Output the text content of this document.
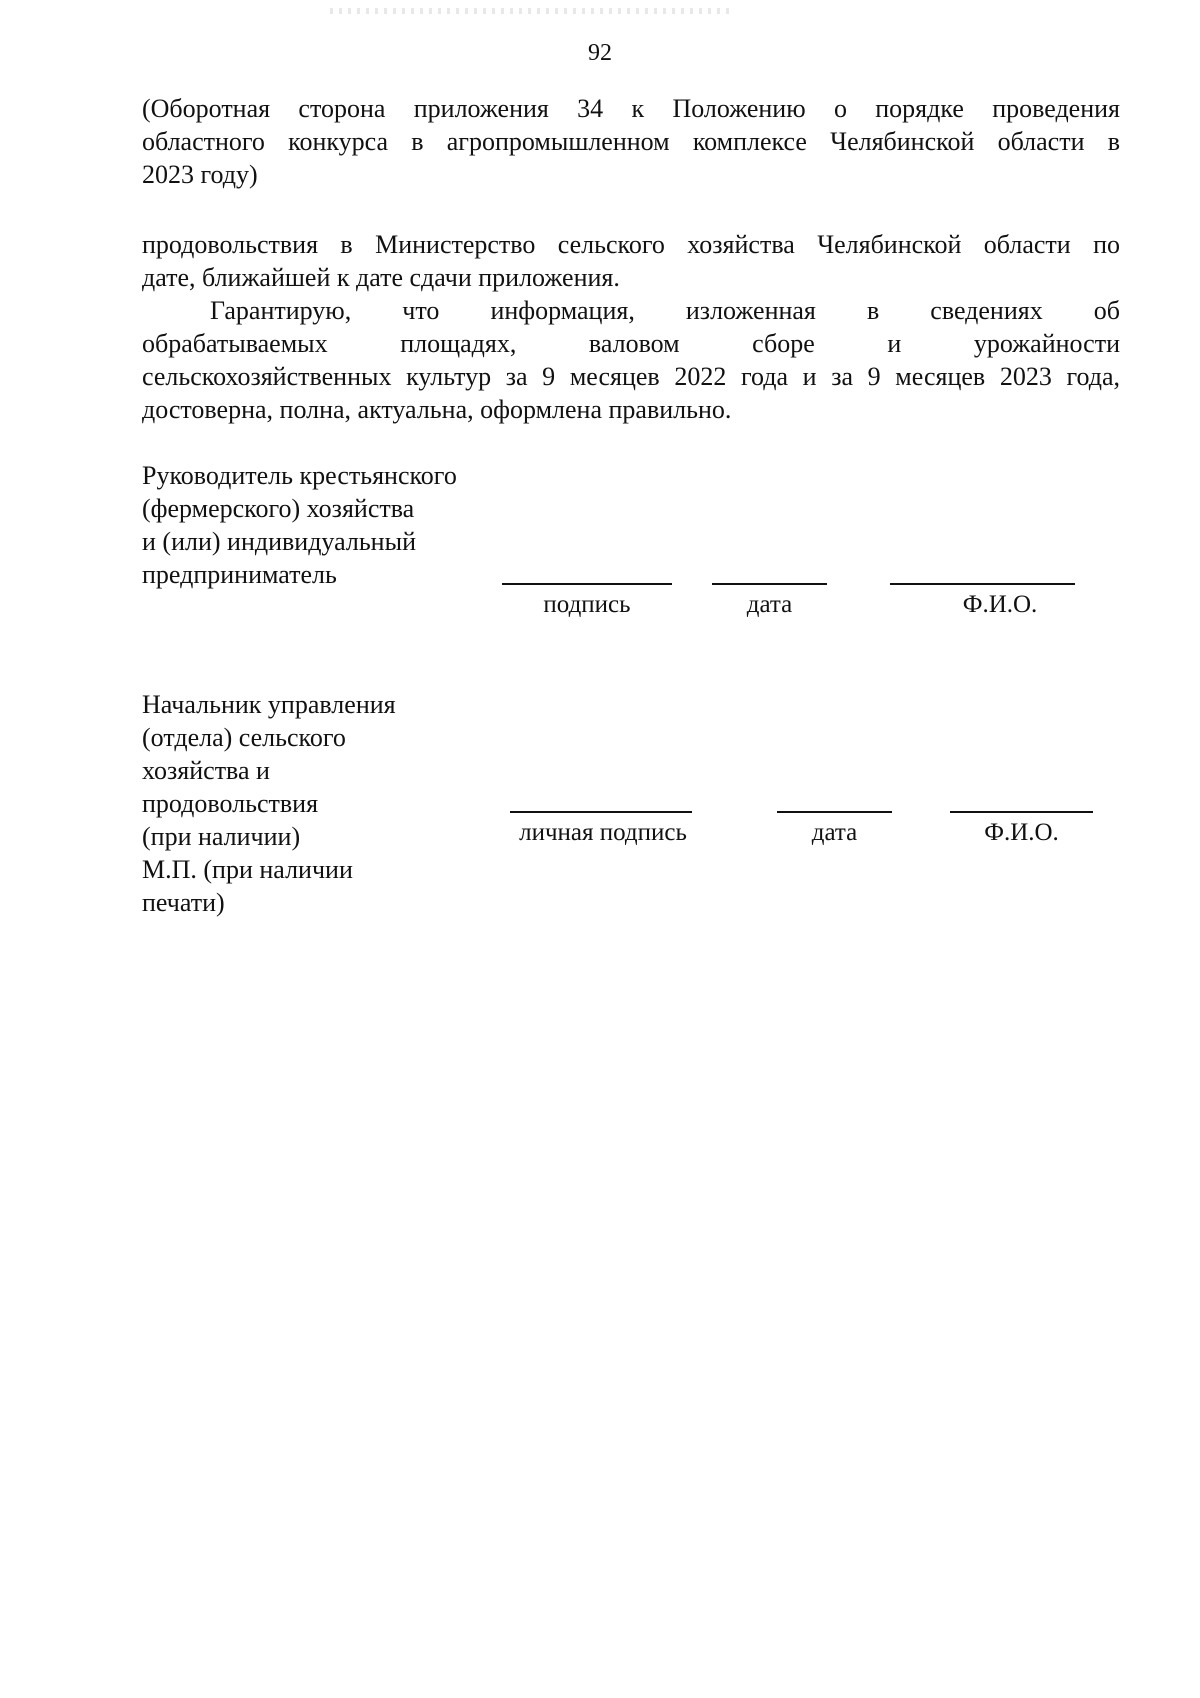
92
(Оборотная сторона приложения 34 к Положению о порядке проведения
областного конкурса в агропромышленном комплексе Челябинской области в
2023 году)
продовольствия в Министерство сельского хозяйства Челябинской области по
дате, ближайшей к дате сдачи приложения.
Гарантирую, что информация, изложенная в сведениях об
обрабатываемых площадях, валовом сборе и урожайности
сельскохозяйственных культур за 9 месяцев 2022 года и за 9 месяцев 2023 года,
достоверна, полна, актуальна, оформлена правильно.
Руководитель крестьянского
(фермерского) хозяйства
и (или) индивидуальный
предприниматель
подпись	дата	Ф.И.О.
Начальник управления
(отдела) сельского
хозяйства и
продовольствия
(при наличии)
М.П. (при наличии
печати)
личная подпись	дата	Ф.И.О.
